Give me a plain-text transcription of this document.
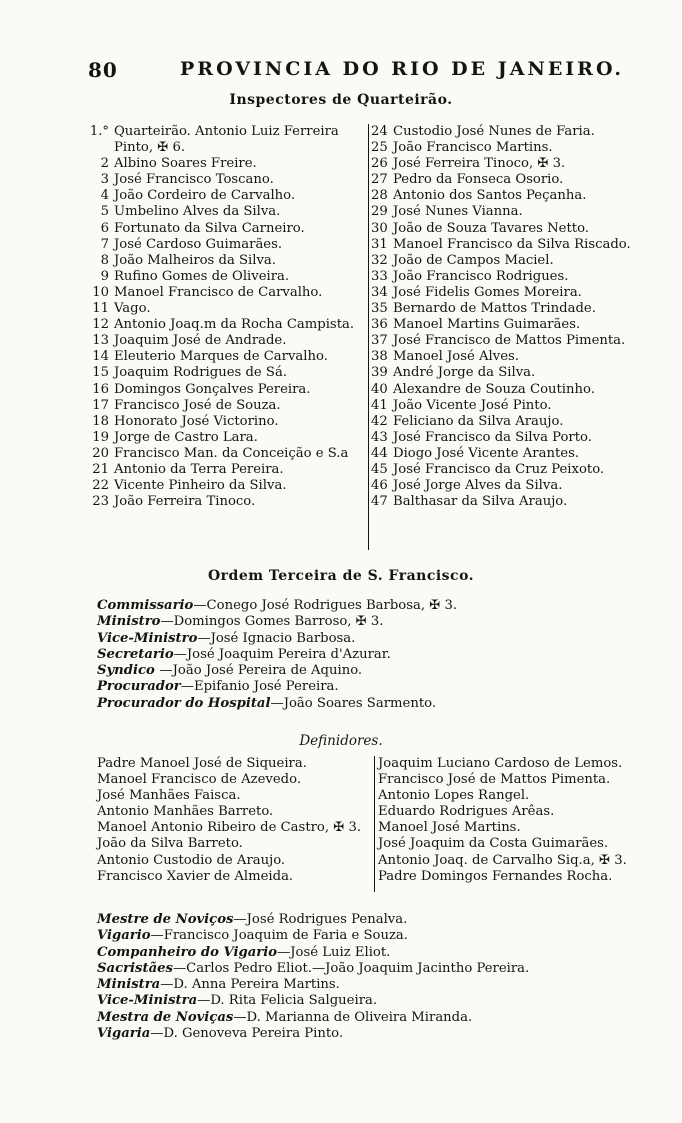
80	PROVINCIA DO RIO DE JANEIRO.
Inspectores de Quarteirão.
1.° Quarteirão. Antonio Luiz Ferreira
Pinto, ✠ 6.
2 Albino Soares Freire.
3 José Francisco Toscano.
4 João Cordeiro de Carvalho.
5 Umbelino Alves da Silva.
6 Fortunato da Silva Carneiro.
7 José Cardoso Guimarães.
8 João Malheiros da Silva.
9 Rufino Gomes de Oliveira.
10 Manoel Francisco de Carvalho.
11 Vago.
12 Antonio Joaq.m da Rocha Campista.
13 Joaquim José de Andrade.
14 Eleuterio Marques de Carvalho.
15 Joaquim Rodrigues de Sá.
16 Domingos Gonçalves Pereira.
17 Francisco José de Souza.
18 Honorato José Victorino.
19 Jorge de Castro Lara.
20 Francisco Man. da Conceição e S.a
21 Antonio da Terra Pereira.
22 Vicente Pinheiro da Silva.
23 João Ferreira Tinoco.
24 Custodio José Nunes de Faria.
25 João Francisco Martins.
26 José Ferreira Tinoco, ✠ 3.
27 Pedro da Fonseca Osorio.
28 Antonio dos Santos Peçanha.
29 José Nunes Vianna.
30 João de Souza Tavares Netto.
31 Manoel Francisco da Silva Riscado.
32 João de Campos Maciel.
33 João Francisco Rodrigues.
34 José Fidelis Gomes Moreira.
35 Bernardo de Mattos Trindade.
36 Manoel Martins Guimarães.
37 José Francisco de Mattos Pimenta.
38 Manoel José Alves.
39 André Jorge da Silva.
40 Alexandre de Souza Coutinho.
41 João Vicente José Pinto.
42 Feliciano da Silva Araujo.
43 José Francisco da Silva Porto.
44 Diogo José Vicente Arantes.
45 José Francisco da Cruz Peixoto.
46 José Jorge Alves da Silva.
47 Balthasar da Silva Araujo.
Ordem Terceira de S. Francisco.
Commissario—Conego José Rodrigues Barbosa, ✠ 3.
Ministro—Domingos Gomes Barroso, ✠ 3.
Vice-Ministro—José Ignacio Barbosa.
Secretario—José Joaquim Pereira d'Azurar.
Syndico —João José Pereira de Aquino.
Procurador—Epifanio José Pereira.
Procurador do Hospital—João Soares Sarmento.
Definidores.
Padre Manoel José de Siqueira.
Manoel Francisco de Azevedo.
José Manhães Faisca.
Antonio Manhães Barreto.
Manoel Antonio Ribeiro de Castro, ✠ 3.
João da Silva Barreto.
Antonio Custodio de Araujo.
Francisco Xavier de Almeida.
Joaquim Luciano Cardoso de Lemos.
Francisco José de Mattos Pimenta.
Antonio Lopes Rangel.
Eduardo Rodrigues Arêas.
Manoel José Martins.
José Joaquim da Costa Guimarães.
Antonio Joaq. de Carvalho Siq.a, ✠ 3.
Padre Domingos Fernandes Rocha.
Mestre de Noviços—José Rodrigues Penalva.
Vigario—Francisco Joaquim de Faria e Souza.
Companheiro do Vigario—José Luiz Eliot.
Sacristães—Carlos Pedro Eliot.—João Joaquim Jacintho Pereira.
Ministra—D. Anna Pereira Martins.
Vice-Ministra—D. Rita Felicia Salgueira.
Mestra de Noviças—D. Marianna de Oliveira Miranda.
Vigaria—D. Genoveva Pereira Pinto.
